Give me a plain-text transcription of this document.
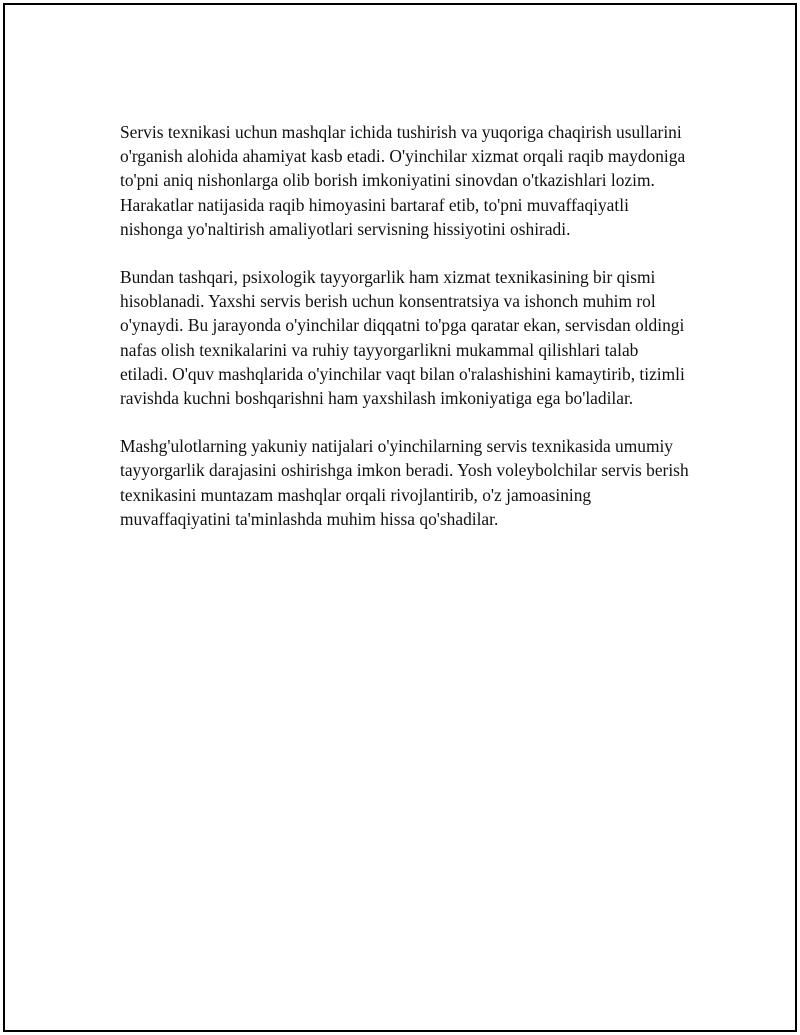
Servis texnikasi uchun mashqlar ichida tushirish va yuqoriga chaqirish usullarini o'rganish alohida ahamiyat kasb etadi. O'yinchilar xizmat orqali raqib maydoniga to'pni aniq nishonlarga olib borish imkoniyatini sinovdan o'tkazishlari lozim. Harakatlar natijasida raqib himoyasini bartaraf etib, to'pni muvaffaqiyatli nishonga yo'naltirish amaliyotlari servisning hissiyotini oshiradi.

Bundan tashqari, psixologik tayyorgarlik ham xizmat texnikasining bir qismi hisoblanadi. Yaxshi servis berish uchun konsentratsiya va ishonch muhim rol o'ynaydi. Bu jarayonda o'yinchilar diqqatni to'pga qaratar ekan, servisdan oldingi nafas olish texnikalarini va ruhiy tayyorgarlikni mukammal qilishlari talab etiladi. O'quv mashqlarida o'yinchilar vaqt bilan o'ralashishini kamaytirib, tizimli ravishda kuchni boshqarishni ham yaxshilash imkoniyatiga ega bo'ladilar.

Mashg'ulotlarning yakuniy natijalari o'yinchilarning servis texnikasida umumiy tayyorgarlik darajasini oshirishga imkon beradi. Yosh voleybolchilar servis berish texnikasini muntazam mashqlar orqali rivojlantirib, o'z jamoasining muvaffaqiyatini ta'minlashda muhim hissa qo'shadilar.
